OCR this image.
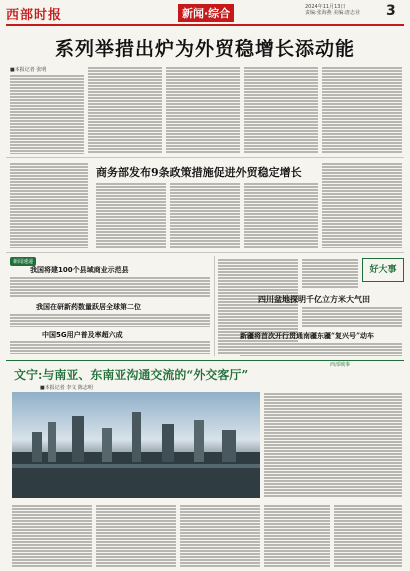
西部时报	新闻·综合	2024年11月13日
责编:张海燕 美编:唐志业 3
系列举措出炉为外贸稳增长添动能
■本报记者 张明
商务部发布9条政策措施促进外贸稳定增长
新闻速递
我国将建100个县域商业示范县
我国在研新药数量跃居全球第二位
中国5G用户普及率超六成
好大事
四川盆地探明千亿立方米大气田
新疆将首次开行贯通南疆东疆“复兴号”动车
西部城事
文宁:与南亚、东南亚沟通交流的“外交客厅”
■本报记者 李文 陈志明
